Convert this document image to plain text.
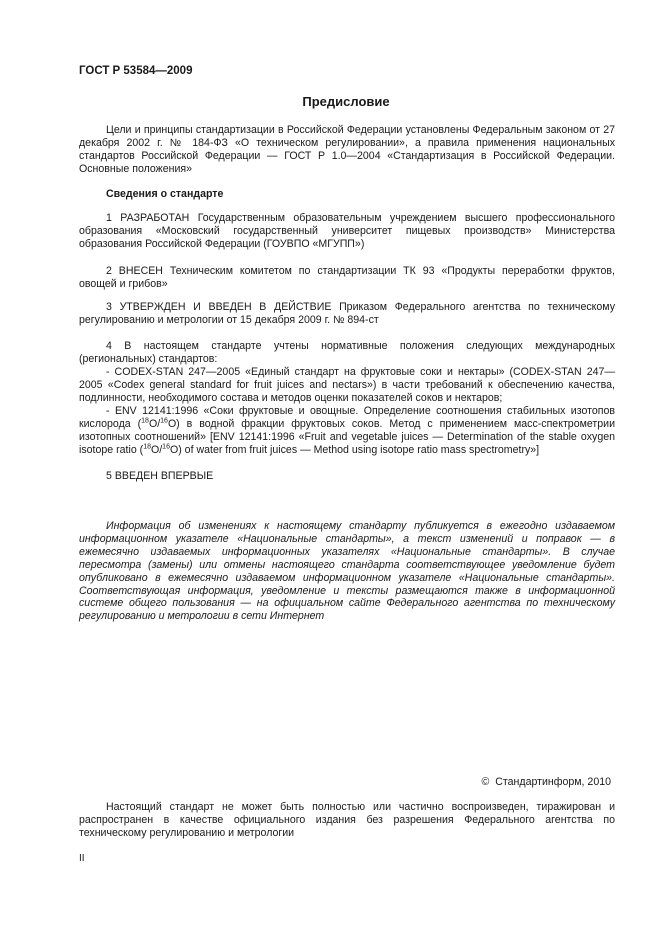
ГОСТ Р 53584—2009
Предисловие

Цели и принципы стандартизации в Российской Федерации установлены Федеральным законом от 27 декабря 2002 г. № 184-ФЗ «О техническом регулировании», а правила применения национальных стандартов Российской Федерации — ГОСТ Р 1.0—2004 «Стандартизация в Российской Федерации. Основные положения»

Сведения о стандарте

1 РАЗРАБОТАН Государственным образовательным учреждением высшего профессионального образования «Московский государственный университет пищевых производств» Министерства образования Российской Федерации (ГОУВПО «МГУПП»)

2 ВНЕСЕН Техническим комитетом по стандартизации ТК 93 «Продукты переработки фруктов, овощей и грибов»

3 УТВЕРЖДЕН И ВВЕДЕН В ДЕЙСТВИЕ Приказом Федерального агентства по техническому регулированию и метрологии от 15 декабря 2009 г. № 894-ст

4 В настоящем стандарте учтены нормативные положения следующих международных (региональных) стандартов:

- CODEX-STAN 247—2005 «Единый стандарт на фруктовые соки и нектары» (CODEX-STAN 247—2005 «Codex general standard for fruit juices and nectars») в части требований к обеспечению качества, подлинности, необходимого состава и методов оценки показателей соков и нектаров;

- ENV 12141:1996 «Соки фруктовые и овощные. Определение соотношения стабильных изотопов кислорода ($^{18}$O/$^{16}$O) в водной фракции фруктовых соков. Метод с применением масс-спектрометрии изотопных соотношений» [ENV 12141:1996 «Fruit and vegetable juices — Determination of the stable oxygen isotope ratio ($^{18}$O/$^{16}$O) of water from fruit juices — Method using isotope ratio mass spectrometry»]

5 ВВЕДЕН ВПЕРВЫЕ

Информация об изменениях к настоящему стандарту публикуется в ежегодно издаваемом информационном указателе «Национальные стандарты», а текст изменений и поправок — в ежемесячно издаваемых информационных указателях «Национальные стандарты». В случае пересмотра (замены) или отмены настоящего стандарта соответствующее уведомление будет опубликовано в ежемесячно издаваемом информационном указателе «Национальные стандарты». Соответствующая информация, уведомление и тексты размещаются также в информационной системе общего пользования — на официальном сайте Федерального агентства по техническому регулированию и метрологии в сети Интернет

© Стандартинформ, 2010

Настоящий стандарт не может быть полностью или частично воспроизведен, тиражирован и распространен в качестве официального издания без разрешения Федерального агентства по техническому регулированию и метрологии

II
